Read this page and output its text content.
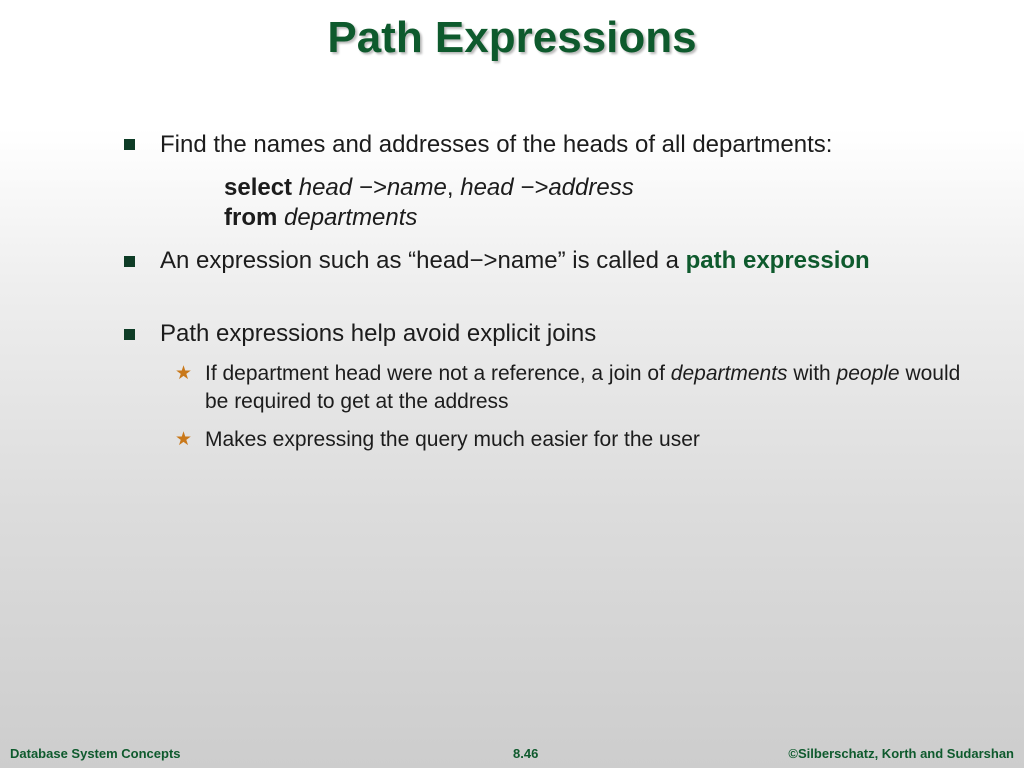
Path Expressions
Find the names and addresses of the heads of all departments:
select head −>name, head −>address
from departments
An expression such as “head−>name” is called a path expression
Path expressions help avoid explicit joins
★ If department head were not a reference, a join of departments with people would be required to get at the address
★ Makes expressing the query much easier for the user
Database System Concepts	8.46	©Silberschatz, Korth and Sudarshan
